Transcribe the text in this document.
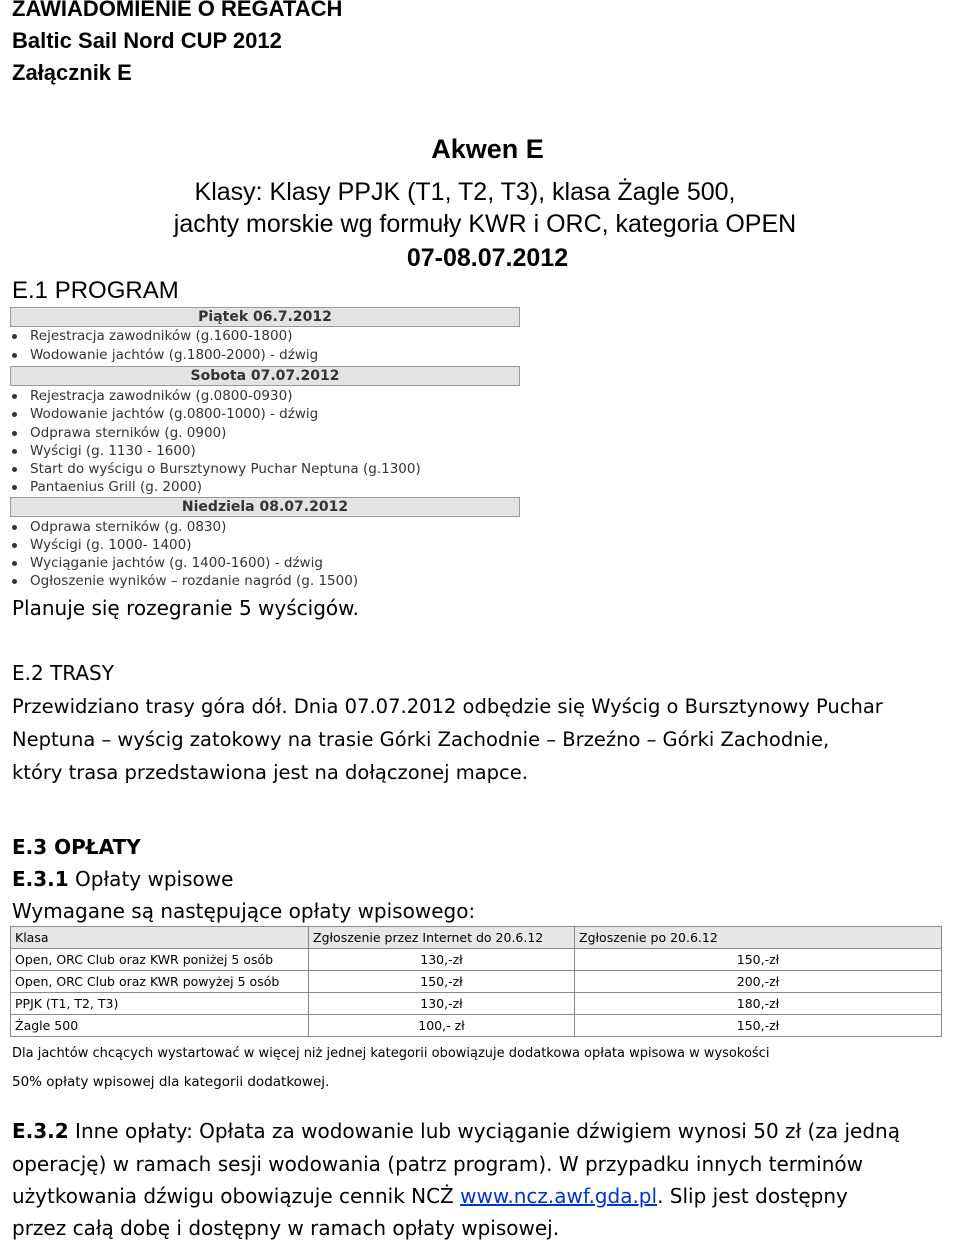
ZAWIADOMIENIE O REGATACH
Baltic Sail Nord CUP 2012
Załącznik E
Akwen E
Klasy: Klasy PPJK (T1, T2, T3), klasa Żagle 500,
jachty morskie wg formuły KWR i ORC, kategoria OPEN
07-08.07.2012
E.1 PROGRAM
Piątek 06.7.2012
Rejestracja zawodników (g.1600-1800)
Wodowanie jachtów (g.1800-2000) - dźwig
Sobota 07.07.2012
Rejestracja zawodników (g.0800-0930)
Wodowanie jachtów (g.0800-1000) - dźwig
Odprawa sterników (g. 0900)
Wyścigi (g. 1130 - 1600)
Start do wyścigu o Bursztynowy Puchar Neptuna (g.1300)
Pantaenius Grill (g. 2000)
Niedziela 08.07.2012
Odprawa sterników (g. 0830)
Wyścigi (g. 1000- 1400)
Wyciąganie jachtów (g. 1400-1600) - dźwig
Ogłoszenie wyników – rozdanie nagród (g. 1500)
Planuje się rozegranie 5 wyścigów.
E.2 TRASY
Przewidziano trasy góra dół. Dnia 07.07.2012 odbędzie się Wyścig o Bursztynowy Puchar
Neptuna – wyścig zatokowy na trasie Górki Zachodnie – Brzeźno – Górki Zachodnie,
który trasa przedstawiona jest na dołączonej mapce.
E.3 OPŁATY
E.3.1 Opłaty wpisowe
Wymagane są następujące opłaty wpisowego:
Klasa	Zgłoszenie przez Internet do 20.6.12	Zgłoszenie po 20.6.12
Open, ORC Club oraz KWR poniżej 5 osób	130,-zł	150,-zł
Open, ORC Club oraz KWR powyżej 5 osób	150,-zł	200,-zł
PPJK (T1, T2, T3)	130,-zł	180,-zł
Żagle 500	100,- zł	150,-zł
Dla jachtów chcących wystartować w więcej niż jednej kategorii obowiązuje dodatkowa opłata wpisowa w wysokości
50% opłaty wpisowej dla kategorii dodatkowej.
E.3.2 Inne opłaty: Opłata za wodowanie lub wyciąganie dźwigiem wynosi 50 zł (za jedną
operację) w ramach sesji wodowania (patrz program). W przypadku innych terminów
użytkowania dźwigu obowiązuje cennik NCŻ www.ncz.awf.gda.pl. Slip jest dostępny
przez całą dobę i dostępny w ramach opłaty wpisowej.
